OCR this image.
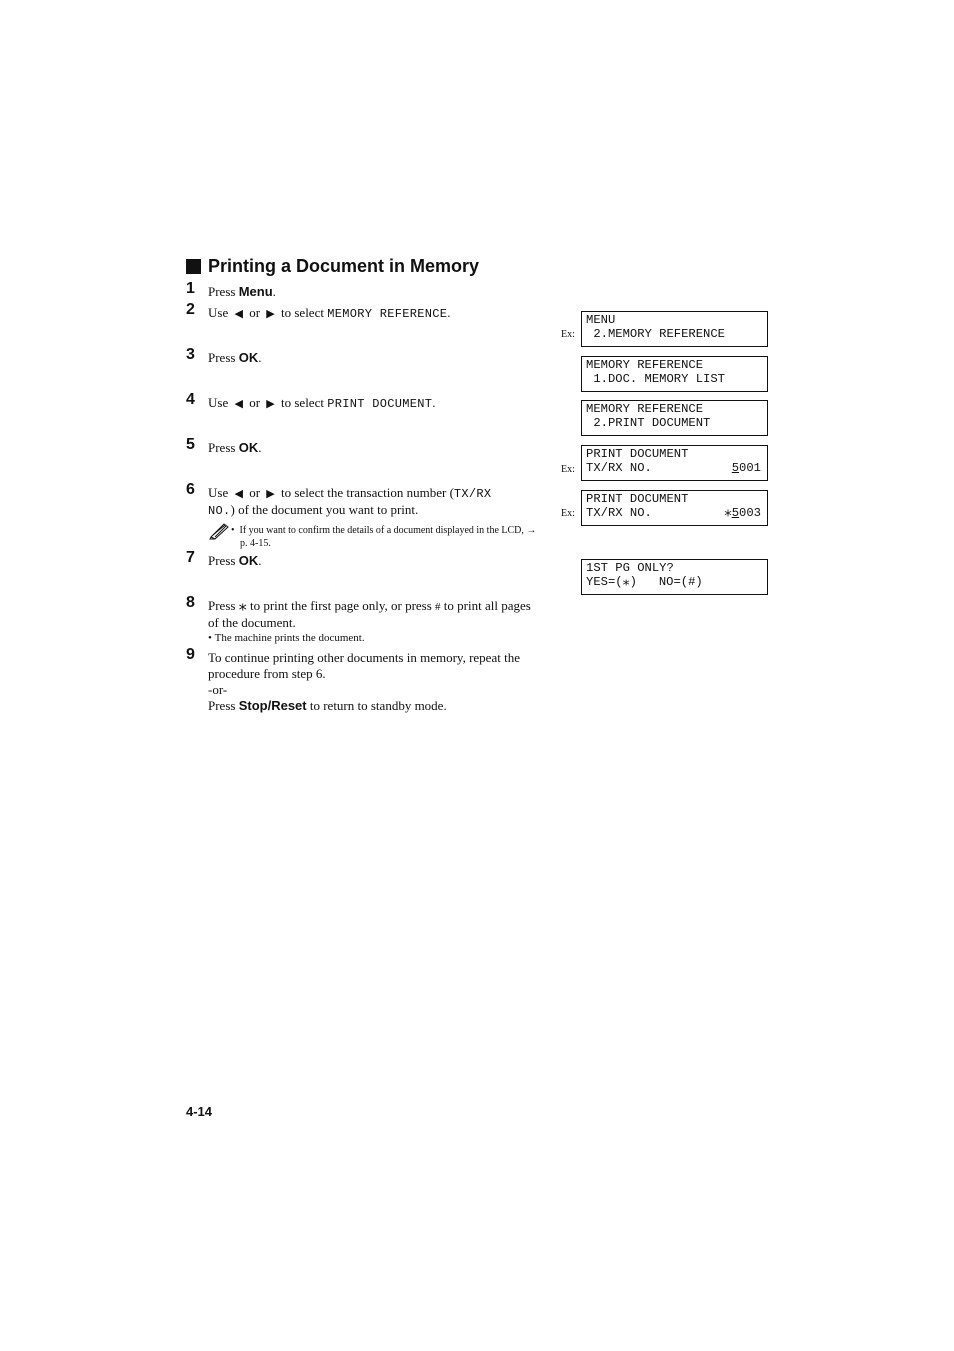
Printing a Document in Memory
1 Press Menu.
2 Use ◀ or ▶ to select MEMORY REFERENCE.
3 Press OK.
4 Use ◀ or ▶ to select PRINT DOCUMENT.
5 Press OK.
6 Use ◀ or ▶ to select the transaction number (TX/RX
NO.) of the document you want to print.
•  If you want to confirm the details of a document displayed in the LCD, → p. 4-15.
7 Press OK.
8 Press ⁎ to print the first page only, or press # to print all pages of the document.
• The machine prints the document.
9 To continue printing other documents in memory, repeat the procedure from step 6.
-or-
Press Stop/Reset to return to standby mode.
Ex:
MENU
2.MEMORY REFERENCE
MEMORY REFERENCE
1.DOC. MEMORY LIST
MEMORY REFERENCE
2.PRINT DOCUMENT
Ex:
PRINT DOCUMENT
TX/RX NO.	5001
Ex:
PRINT DOCUMENT
TX/RX NO.	⁎5003
1ST PG ONLY?
YES=(⁎)   NO=(#)
4-14
